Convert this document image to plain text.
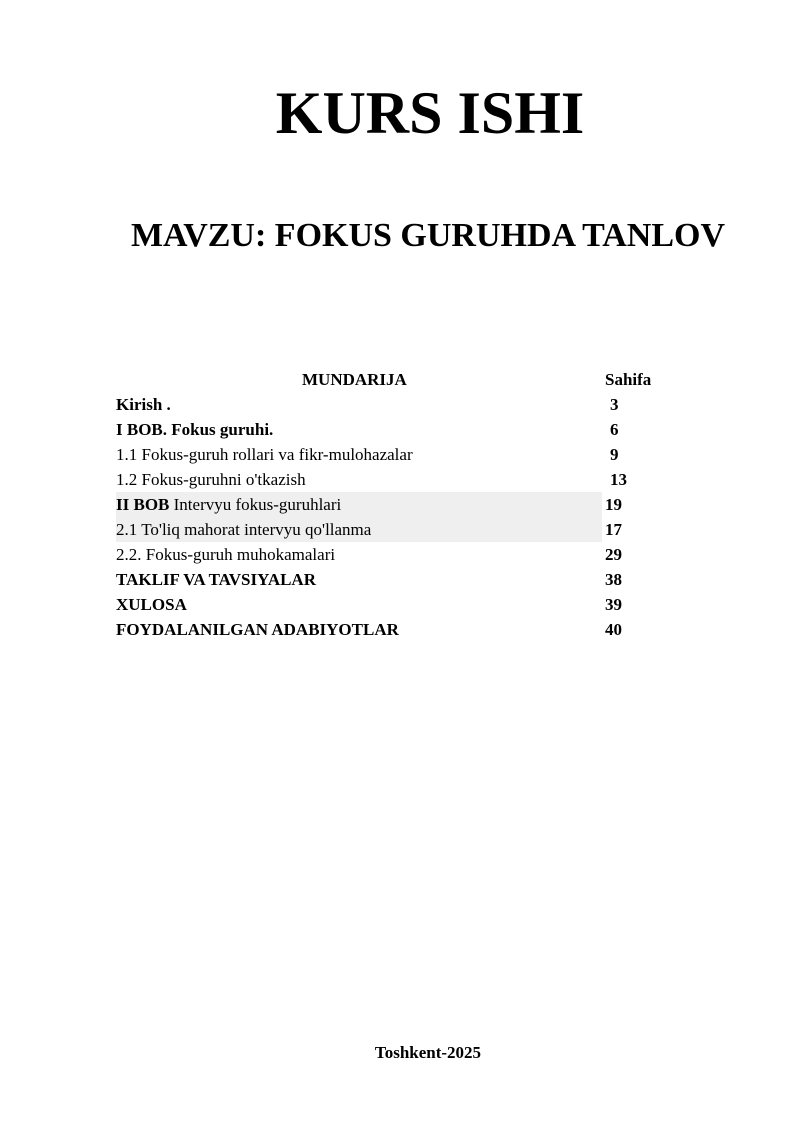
KURS ISHI
MAVZU: FOKUS GURUHDA TANLOV
MUNDARIJA	Sahifa
Kirish .	3
I BOB. Fokus guruhi.	6
1.1 Fokus-guruh rollari va fikr-mulohazalar	9
1.2 Fokus-guruhni o'tkazish	13
II BOB Intervyu fokus-guruhlari	19
2.1 To'liq mahorat intervyu qo'llanma	17
2.2. Fokus-guruh muhokamalari	29
TAKLIF VA TAVSIYALAR	38
XULOSA	39
FOYDALANILGAN ADABIYOTLAR	40
Toshkent-2025
